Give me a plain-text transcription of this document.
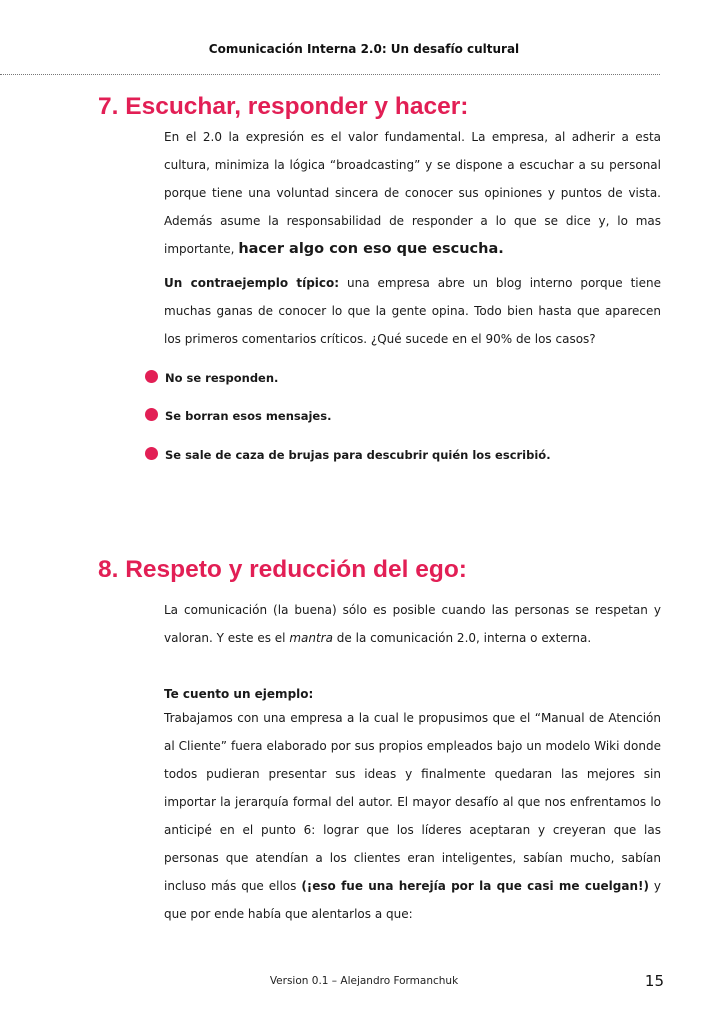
Comunicación Interna 2.0: Un desafío cultural
7. Escuchar, responder y hacer:

En el 2.0 la expresión es el valor fundamental. La empresa, al adherir a esta cultura, minimiza la lógica “broadcasting” y se dispone a escuchar a su personal porque tiene una voluntad sincera de conocer sus opiniones y puntos de vista. Además asume la responsabilidad de responder a lo que se dice y, lo mas importante, hacer algo con eso que escucha.

Un contraejemplo típico: una empresa abre un blog interno porque tiene muchas ganas de conocer lo que la gente opina. Todo bien hasta que aparecen los primeros comentarios críticos. ¿Qué sucede en el 90% de los casos?

No se responden.
Se borran esos mensajes.
Se sale de caza de brujas para descubrir quién los escribió.
8. Respeto y reducción del ego:

La comunicación (la buena) sólo es posible cuando las personas se respetan y valoran. Y este es el mantra de la comunicación 2.0, interna o externa.

Te cuento un ejemplo:

Trabajamos con una empresa a la cual le propusimos que el “Manual de Atención al Cliente” fuera elaborado por sus propios empleados bajo un modelo Wiki donde todos pudieran presentar sus ideas y finalmente quedaran las mejores sin importar la jerarquía formal del autor. El mayor desafío al que nos enfrentamos lo anticipé en el punto 6: lograr que los líderes aceptaran y creyeran que las personas que atendían a los clientes eran inteligentes, sabían mucho, sabían incluso más que ellos (¡eso fue una herejía por la que casi me cuelgan!) y que por ende había que alentarlos a que:

Version 0.1 – Alejandro Formanchuk	15
